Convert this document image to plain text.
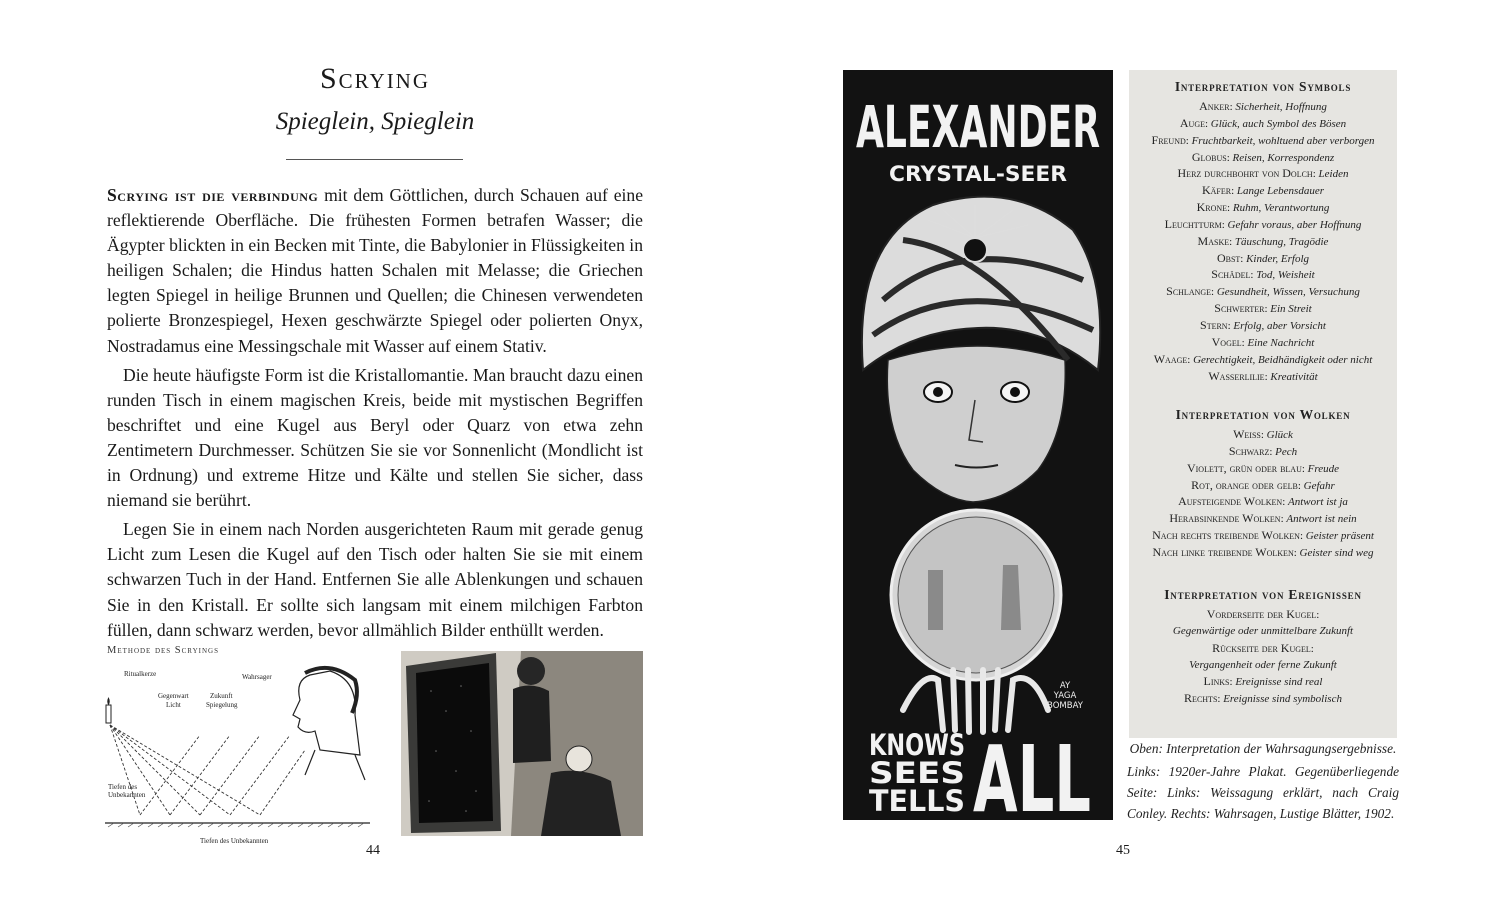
Scrying
Spieglein, Spieglein

Scrying ist die verbindung mit dem Göttlichen, durch Schauen auf eine reflektierende Oberfläche. Die frühesten Formen betrafen Wasser; die Ägypter blickten in ein Becken mit Tinte, die Babylonier in Flüssigkeiten in heiligen Schalen; die Hindus hatten Schalen mit Melasse; die Griechen legten Spiegel in heilige Brunnen und Quellen; die Chinesen verwendeten polierte Bronzespiegel, Hexen geschwärzte Spiegel oder polierten Onyx, Nostradamus eine Messingschale mit Wasser auf einem Stativ.

Die heute häufigste Form ist die Kristallomantie. Man braucht dazu einen runden Tisch in einem magischen Kreis, beide mit mystischen Begriffen beschriftet und eine Kugel aus Beryl oder Quarz von etwa zehn Zentimetern Durchmesser. Schützen Sie sie vor Sonnenlicht (Mondlicht ist in Ordnung) und extreme Hitze und Kälte und stellen Sie sicher, dass niemand sie berührt.

Legen Sie in einem nach Norden ausgerichteten Raum mit gerade genug Licht zum Lesen die Kugel auf den Tisch oder halten Sie sie mit einem schwarzen Tuch in der Hand. Entfernen Sie alle Ablenkungen und schauen Sie in den Kristall. Er sollte sich langsam mit einem milchigen Farbton füllen, dann schwarz werden, bevor allmählich Bilder enthüllt werden.

Methode des Scryings
Ritualkerze	Wahrsager
Gegenwart
Licht
Zukunft
Spiegelung
Tiefen des
Unbekannten
Tiefen des Unbekannten
44
ALEXANDER
CRYSTAL-SEER
AY
YAGA
BOMBAY
KNOWS
SEES
TELLS ALL
Interpretation von Symbols
Anker: Sicherheit, Hoffnung
Auge: Glück, auch Symbol des Bösen
Freund: Fruchtbarkeit, wohltuend aber verborgen
Globus: Reisen, Korrespondenz
Herz durchbohrt von Dolch: Leiden
Käfer: Lange Lebensdauer
Krone: Ruhm, Verantwortung
Leuchtturm: Gefahr voraus, aber Hoffnung
Maske: Täuschung, Tragödie
Obst: Kinder, Erfolg
Schädel: Tod, Weisheit
Schlange: Gesundheit, Wissen, Versuchung
Schwerter: Ein Streit
Stern: Erfolg, aber Vorsicht
Vogel: Eine Nachricht
Waage: Gerechtigkeit, Beidhändigkeit oder nicht
Wasserlilie: Kreativität
Interpretation von Wolken
Weiss: Glück
Schwarz: Pech
Violett, grün oder blau: Freude
Rot, orange oder gelb: Gefahr
Aufsteigende Wolken: Antwort ist ja
Herabsinkende Wolken: Antwort ist nein
Nach rechts treibende Wolken: Geister präsent
Nach linke treibende Wolken: Geister sind weg
Interpretation von Ereignissen
Vorderseite der Kugel:
Gegenwärtige oder unmittelbare Zukunft
Rückseite der Kugel:
Vergangenheit oder ferne Zukunft
Links: Ereignisse sind real
Rechts: Ereignisse sind symbolisch
Oben: Interpretation der Wahrsagungsergebnisse.
Links: 1920er-Jahre Plakat. Gegenüberliegende Seite: Links: Weissagung erklärt, nach Craig Conley. Rechts: Wahrsagen, Lustige Blätter, 1902.
45
